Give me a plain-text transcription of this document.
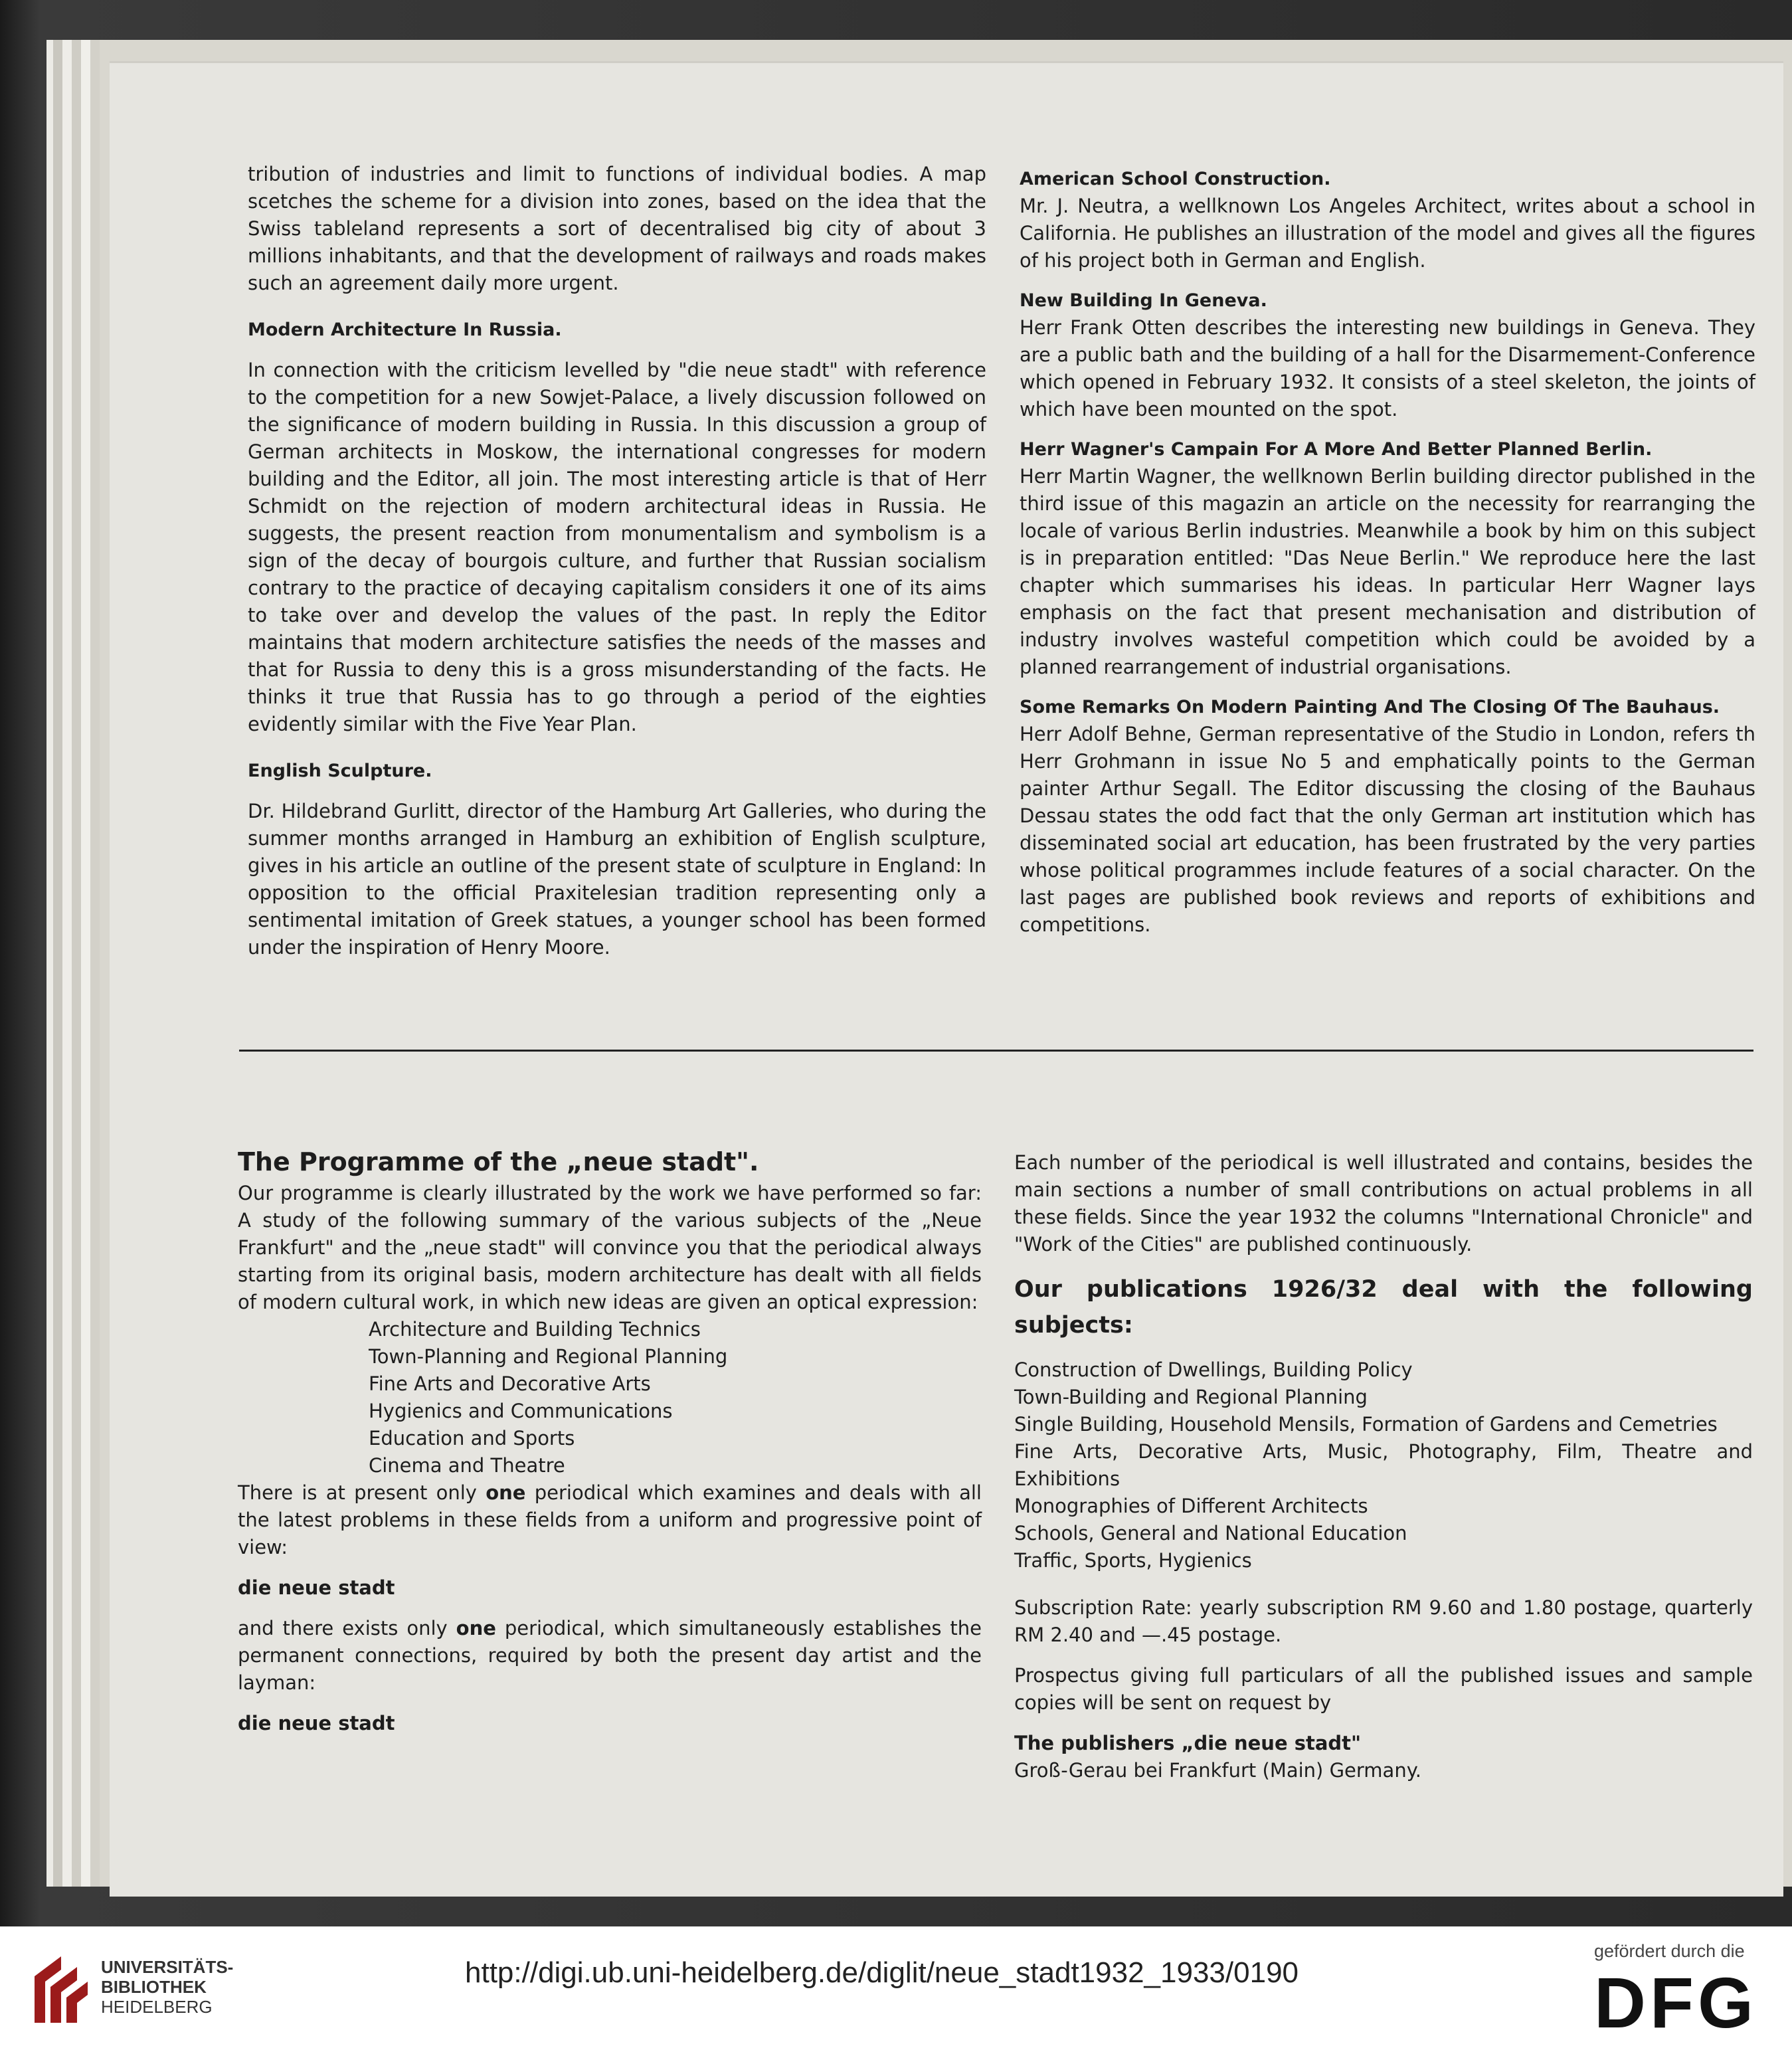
tribution of industries and limit to functions of individual bodies. A map scetches the scheme for a division into zones, based on the idea that the Swiss tableland represents a sort of decentralised big city of about 3 millions inhabitants, and that the development of railways and roads makes such an agreement daily more urgent.

Modern Architecture In Russia.

In connection with the criticism levelled by "die neue stadt" with reference to the competition for a new Sowjet-Palace, a lively discussion followed on the significance of modern building in Russia. In this discussion a group of German architects in Moskow, the international congresses for modern building and the Editor, all join. The most interesting article is that of Herr Schmidt on the rejection of modern architectural ideas in Russia. He suggests, the present reaction from monumentalism and symbolism is a sign of the decay of bourgois culture, and further that Russian socialism contrary to the practice of decaying capitalism considers it one of its aims to take over and develop the values of the past. In reply the Editor maintains that modern architecture satisfies the needs of the masses and that for Russia to deny this is a gross misunderstanding of the facts. He thinks it true that Russia has to go through a period of the eighties evidently similar with the Five Year Plan.

English Sculpture.

Dr. Hildebrand Gurlitt, director of the Hamburg Art Galleries, who during the summer months arranged in Hamburg an exhibition of English sculpture, gives in his article an outline of the present state of sculpture in England: In opposition to the official Praxitelesian tradition representing only a sentimental imitation of Greek statues, a younger school has been formed under the inspiration of Henry Moore.

American School Construction.

Mr. J. Neutra, a wellknown Los Angeles Architect, writes about a school in California. He publishes an illustration of the model and gives all the figures of his project both in German and English.

New Building In Geneva.

Herr Frank Otten describes the interesting new buildings in Geneva. They are a public bath and the building of a hall for the Disarmement-Conference which opened in February 1932. It consists of a steel skeleton, the joints of which have been mounted on the spot.

Herr Wagner's Campain For A More And Better Planned Berlin.

Herr Martin Wagner, the wellknown Berlin building director published in the third issue of this magazin an article on the necessity for rearranging the locale of various Berlin industries. Meanwhile a book by him on this subject is in preparation entitled: "Das Neue Berlin." We reproduce here the last chapter which summarises his ideas. In particular Herr Wagner lays emphasis on the fact that present mechanisation and distribution of industry involves wasteful competition which could be avoided by a planned rearrangement of industrial organisations.

Some Remarks On Modern Painting And The Closing Of The Bauhaus.

Herr Adolf Behne, German representative of the Studio in London, refers th Herr Grohmann in issue No 5 and emphatically points to the German painter Arthur Segall. The Editor discussing the closing of the Bauhaus Dessau states the odd fact that the only German art institution which has disseminated social art education, has been frustrated by the very parties whose political programmes include features of a social character. On the last pages are published book reviews and reports of exhibitions and competitions.

The Programme of the „neue stadt".

Our programme is clearly illustrated by the work we have performed so far: A study of the following summary of the various subjects of the „Neue Frankfurt" and the „neue stadt" will convince you that the periodical always starting from its original basis, modern architecture has dealt with all fields of modern cultural work, in which new ideas are given an optical expression:

Architecture and Building Technics
Town-Planning and Regional Planning
Fine Arts and Decorative Arts
Hygienics and Communications
Education and Sports
Cinema and Theatre

There is at present only one periodical which examines and deals with all the latest problems in these fields from a uniform and progressive point of view:

die neue stadt

and there exists only one periodical, which simultaneously establishes the permanent connections, required by both the present day artist and the layman:

die neue stadt

Each number of the periodical is well illustrated and contains, besides the main sections a number of small contributions on actual problems in all these fields. Since the year 1932 the columns "International Chronicle" and "Work of the Cities" are published continuously.

Our publications 1926/32 deal with the following subjects:
Construction of Dwellings, Building Policy
Town-Building and Regional Planning
Single Building, Household Mensils, Formation of Gardens and Cemetries
Fine Arts, Decorative Arts, Music, Photography, Film, Theatre and Exhibitions
Monographies of Different Architects
Schools, General and National Education
Traffic, Sports, Hygienics

Subscription Rate: yearly subscription RM 9.60 and 1.80 postage, quarterly RM 2.40 and —.45 postage.

Prospectus giving full particulars of all the published issues and sample copies will be sent on request by

The publishers „die neue stadt"

Groß-Gerau bei Frankfurt (Main) Germany.

UNIVERSITÄTS-
BIBLIOTHEK
HEIDELBERG
http://digi.ub.uni-heidelberg.de/diglit/neue_stadt1932_1933/0190
gefördert durch die
DFG
